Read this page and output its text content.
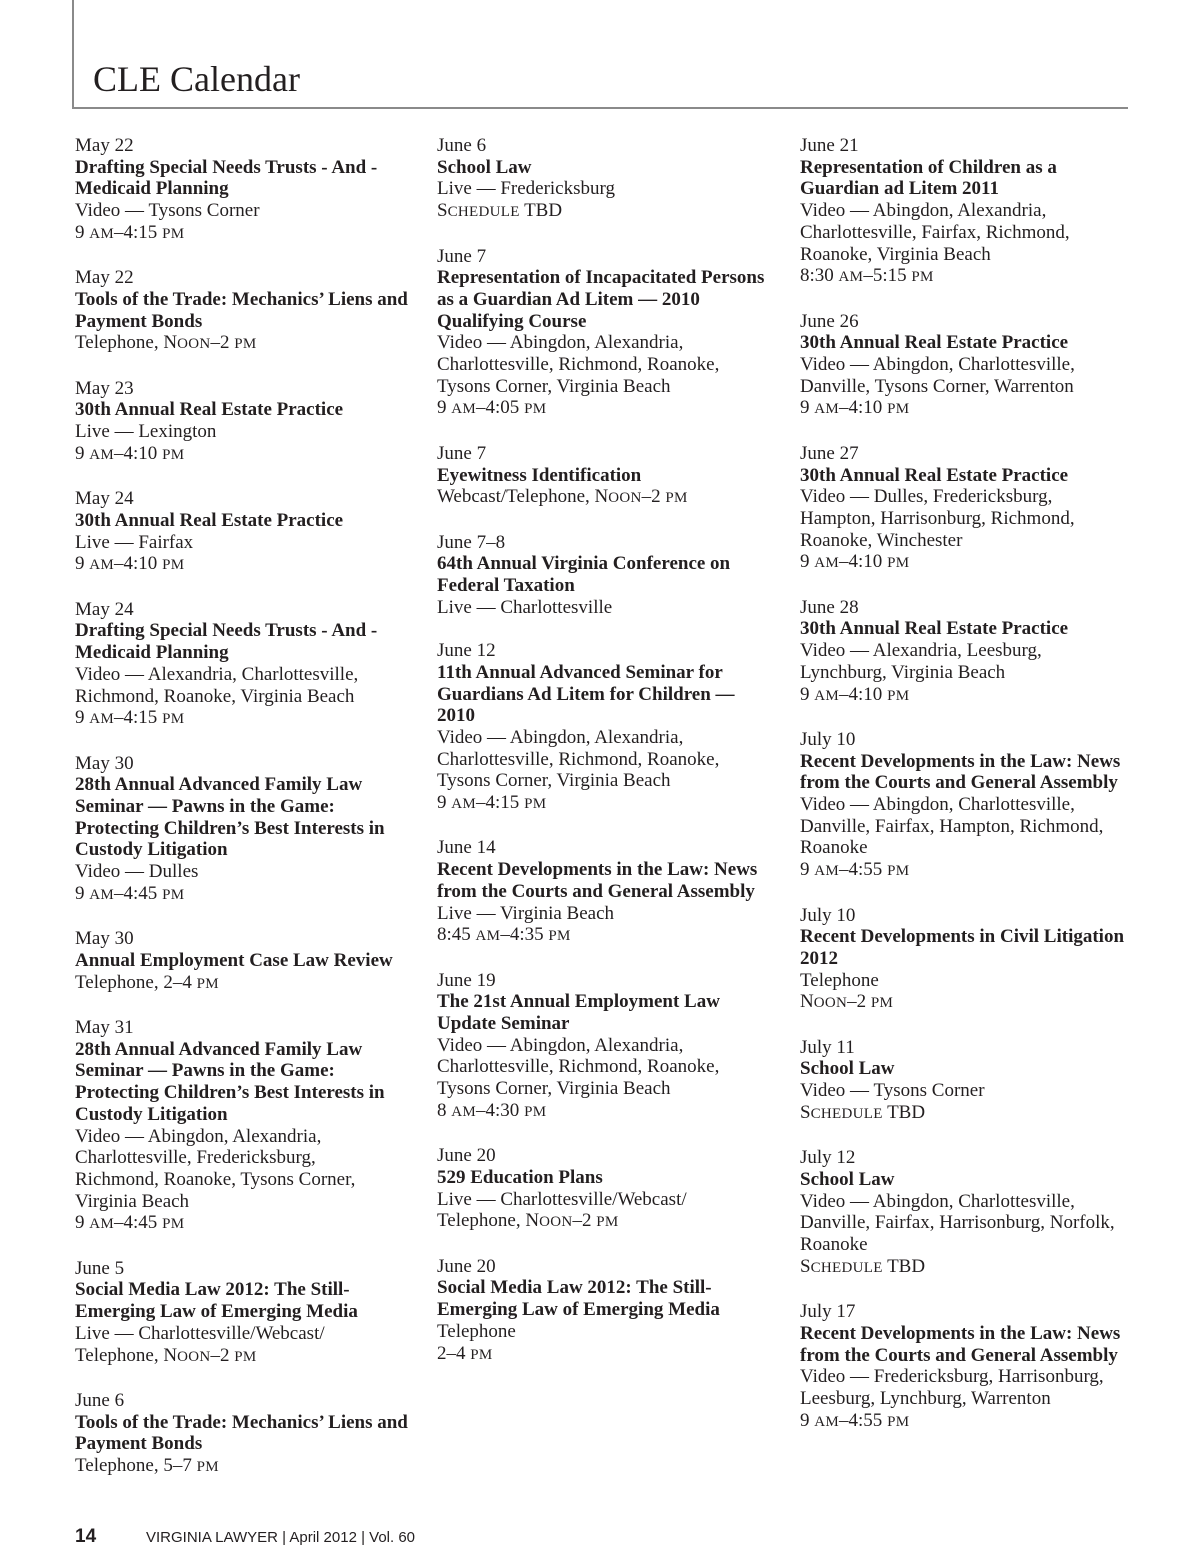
CLE Calendar
May 22
Drafting Special Needs Trusts - And -
Medicaid Planning
Video — Tysons Corner
9 AM–4:15 PM
May 22
Tools of the Trade: Mechanics’ Liens and
Payment Bonds
Telephone, NOON–2 PM
May 23
30th Annual Real Estate Practice
Live — Lexington
9 AM–4:10 PM
May 24
30th Annual Real Estate Practice
Live — Fairfax
9 AM–4:10 PM
May 24
Drafting Special Needs Trusts - And -
Medicaid Planning
Video — Alexandria, Charlottesville,
Richmond, Roanoke, Virginia Beach
9 AM–4:15 PM
May 30
28th Annual Advanced Family Law
Seminar — Pawns in the Game:
Protecting Children’s Best Interests in
Custody Litigation
Video — Dulles
9 AM–4:45 PM
May 30
Annual Employment Case Law Review
Telephone, 2–4 PM
May 31
28th Annual Advanced Family Law
Seminar — Pawns in the Game:
Protecting Children’s Best Interests in
Custody Litigation
Video — Abingdon, Alexandria,
Charlottesville, Fredericksburg,
Richmond, Roanoke, Tysons Corner,
Virginia Beach
9 AM–4:45 PM
June 5
Social Media Law 2012: The Still-
Emerging Law of Emerging Media
Live — Charlottesville/Webcast/
Telephone, NOON–2 PM
June 6
Tools of the Trade: Mechanics’ Liens and
Payment Bonds
Telephone, 5–7 PM
June 6
School Law
Live — Fredericksburg
SCHEDULE TBD
June 7
Representation of Incapacitated Persons
as a Guardian Ad Litem — 2010
Qualifying Course
Video — Abingdon, Alexandria,
Charlottesville, Richmond, Roanoke,
Tysons Corner, Virginia Beach
9 AM–4:05 PM
June 7
Eyewitness Identification
Webcast/Telephone, NOON–2 PM
June 7–8
64th Annual Virginia Conference on
Federal Taxation
Live — Charlottesville
June 12
11th Annual Advanced Seminar for
Guardians Ad Litem for Children —
2010
Video — Abingdon, Alexandria,
Charlottesville, Richmond, Roanoke,
Tysons Corner, Virginia Beach
9 AM–4:15 PM
June 14
Recent Developments in the Law: News
from the Courts and General Assembly
Live — Virginia Beach
8:45 AM–4:35 PM
June 19
The 21st Annual Employment Law
Update Seminar
Video — Abingdon, Alexandria,
Charlottesville, Richmond, Roanoke,
Tysons Corner, Virginia Beach
8 AM–4:30 PM
June 20
529 Education Plans
Live — Charlottesville/Webcast/
Telephone, NOON–2 PM
June 20
Social Media Law 2012: The Still-
Emerging Law of Emerging Media
Telephone
2–4 PM
June 21
Representation of Children as a
Guardian ad Litem 2011
Video — Abingdon, Alexandria,
Charlottesville, Fairfax, Richmond,
Roanoke, Virginia Beach
8:30 AM–5:15 PM
June 26
30th Annual Real Estate Practice
Video — Abingdon, Charlottesville,
Danville, Tysons Corner, Warrenton
9 AM–4:10 PM
June 27
30th Annual Real Estate Practice
Video — Dulles, Fredericksburg,
Hampton, Harrisonburg, Richmond,
Roanoke, Winchester
9 AM–4:10 PM
June 28
30th Annual Real Estate Practice
Video — Alexandria, Leesburg,
Lynchburg, Virginia Beach
9 AM–4:10 PM
July 10
Recent Developments in the Law: News
from the Courts and General Assembly
Video — Abingdon, Charlottesville,
Danville, Fairfax, Hampton, Richmond,
Roanoke
9 AM–4:55 PM
July 10
Recent Developments in Civil Litigation
2012
Telephone
NOON–2 PM
July 11
School Law
Video — Tysons Corner
SCHEDULE TBD
July 12
School Law
Video — Abingdon, Charlottesville,
Danville, Fairfax, Harrisonburg, Norfolk,
Roanoke
SCHEDULE TBD
July 17
Recent Developments in the Law: News
from the Courts and General Assembly
Video — Fredericksburg, Harrisonburg,
Leesburg, Lynchburg, Warrenton
9 AM–4:55 PM
14	VIRGINIA LAWYER | April 2012 | Vol. 60
